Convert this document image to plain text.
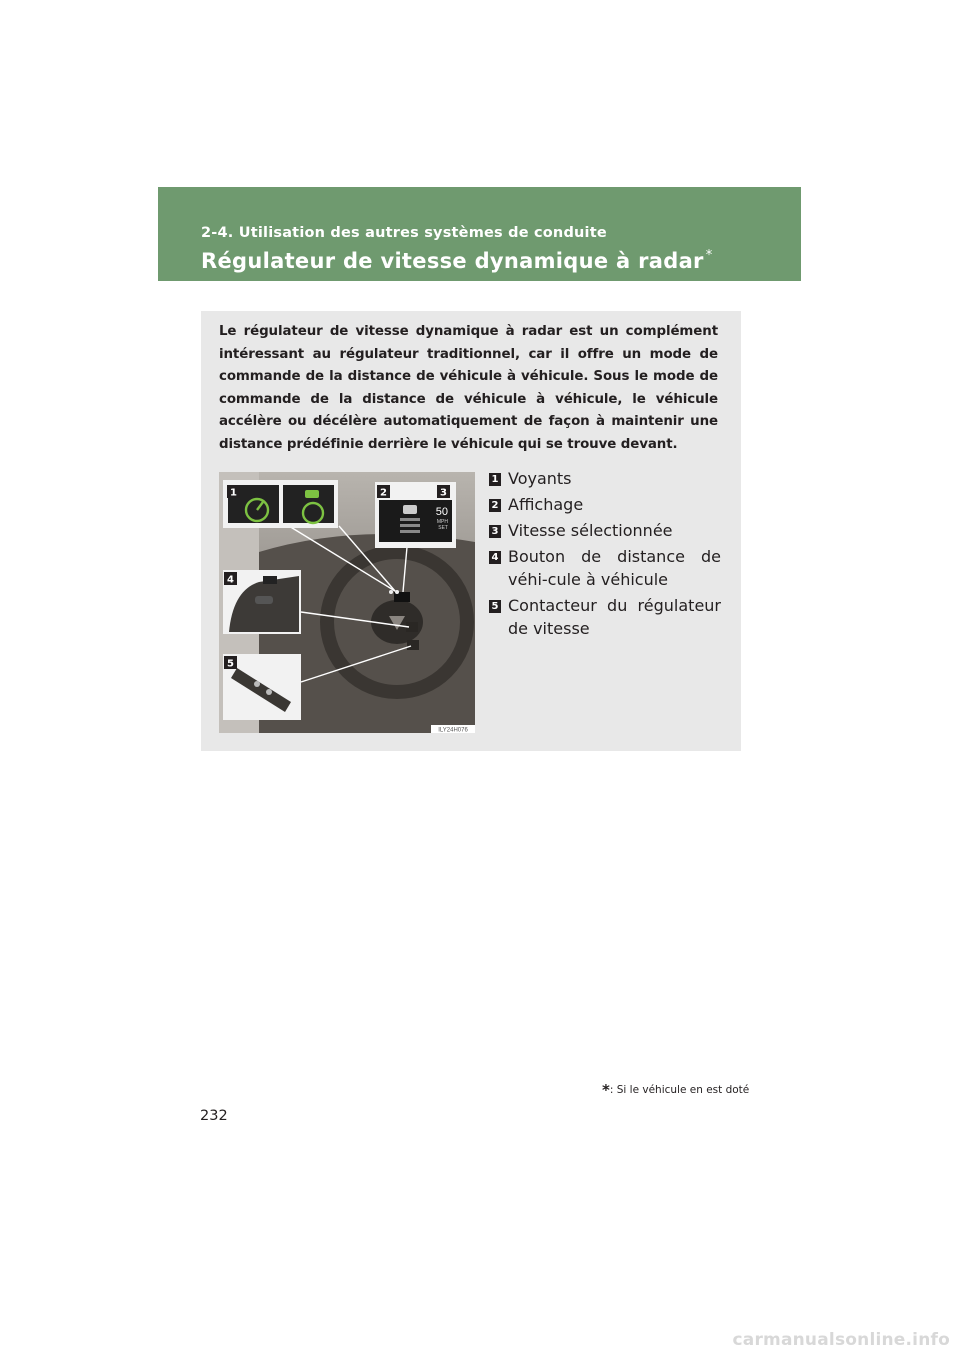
2-4. Utilisation des autres systèmes de conduite
Régulateur de vitesse dynamique à radar *
Le régulateur de vitesse dynamique à radar est un complément intéressant au régulateur traditionnel, car il offre un mode de commande de la distance de véhicule à véhicule. Sous le mode de commande de la distance de véhicule à véhicule, le véhicule accélère ou décélère automatiquement de façon à maintenir une distance prédéfinie derrière le véhicule qui se trouve devant.
50
MPH
SET
1	2	3
4
5
ILY24H076
1 Voyants
2 Affichage
3 Vitesse sélectionnée
4 Bouton de distance de véhi-cule à véhicule
5 Contacteur du régulateur de vitesse
*: Si le véhicule en est doté
232
carmanualsonline.info
